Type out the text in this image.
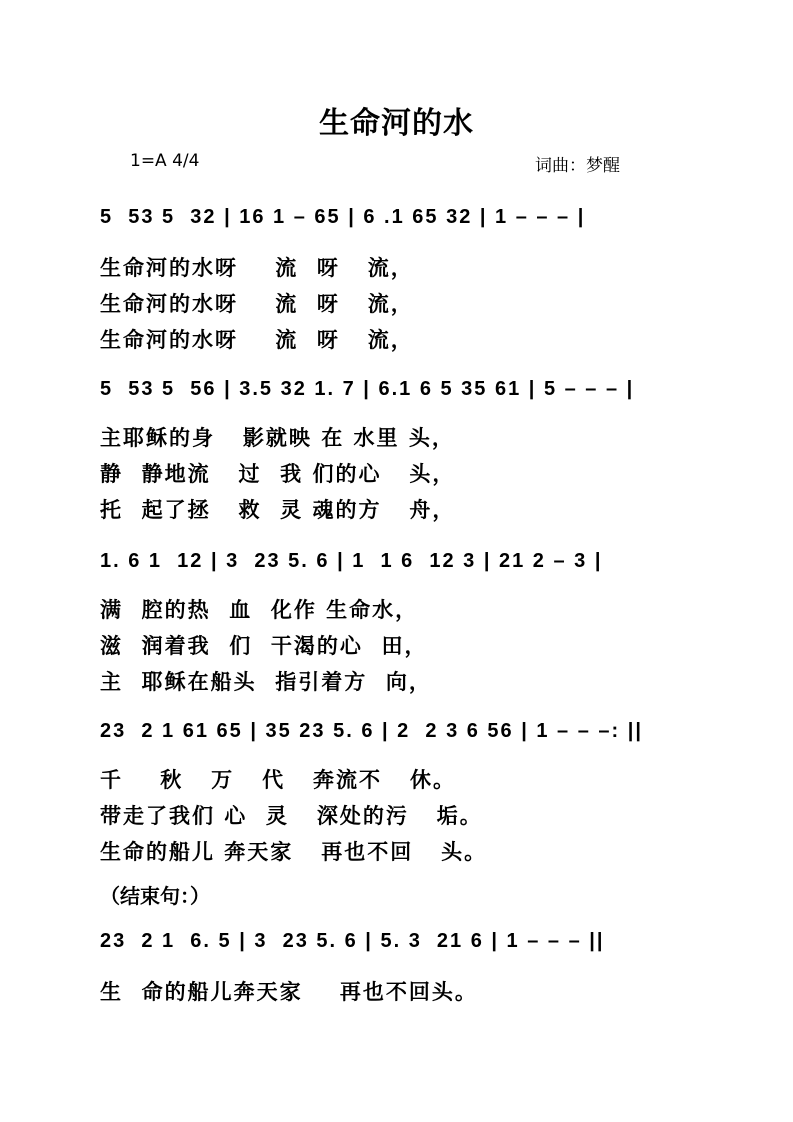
生命河的水
1=A 4/4	词曲：梦醒

5  53 5  32 | 16 1 – 65 | 6 .1 65 32 | 1 – – – |

生命河的水呀    流  呀   流，
生命河的水呀    流  呀   流，
生命河的水呀    流  呀   流，

5  53 5  56 | 3.5 32 1. 7 | 6.1 6 5 35 61 | 5 – – – |

主耶稣的身   影就映 在 水里 头，
静  静地流   过  我 们的心   头，
托  起了拯   救  灵 魂的方   舟，

1. 6 1  12 | 3  23 5. 6 | 1  1 6  12 3 | 21 2 – 3 |

满  腔的热  血  化作 生命水，
滋  润着我  们  干渴的心  田，
主  耶稣在船头  指引着方  向，

23  2 1 61 65 | 35 23 5. 6 | 2  2 3 6 56 | 1 – – –: ||

千    秋   万   代   奔流不   休。
带走了我们 心  灵   深处的污   垢。
生命的船儿 奔天家   再也不回   头。
（结束句：）

23  2 1  6. 5 | 3  23 5. 6 | 5. 3  21 6 | 1 – – – ||

生  命的船儿奔天家    再也不回头。
